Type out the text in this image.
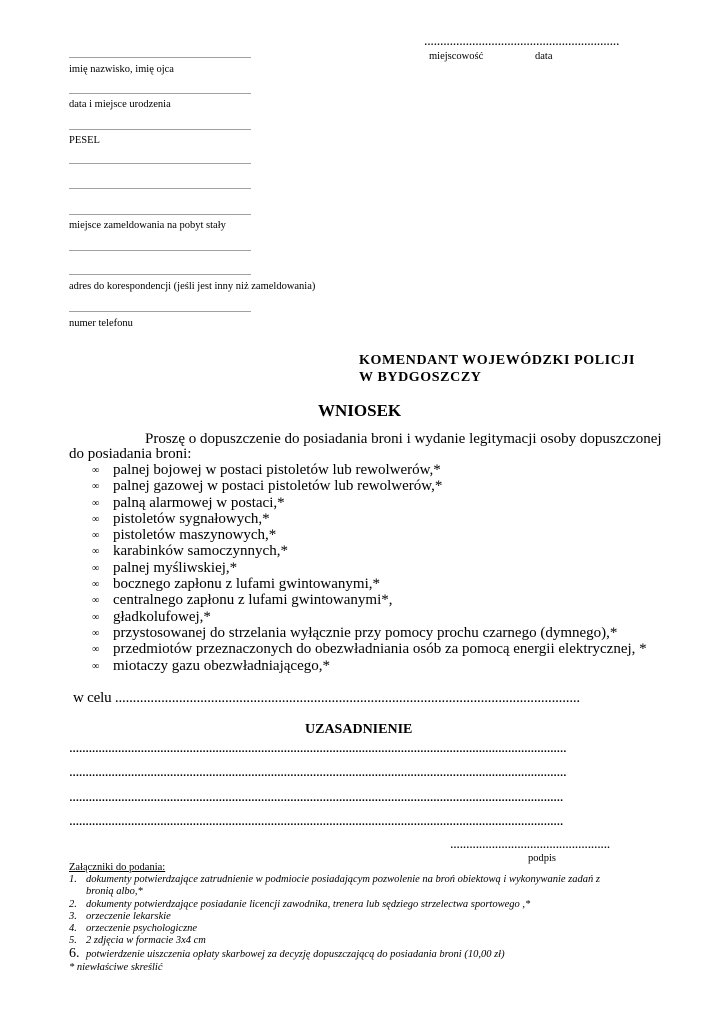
.............................................................
miejscowość	data
...........................................................................................
imię nazwisko, imię ojca
...........................................................................................
data i miejsce urodzenia
...........................................................................................
PESEL
...........................................................................................
...........................................................................................
...........................................................................................
miejsce zameldowania na pobyt stały
...........................................................................................
...........................................................................................
adres do korespondencji (jeśli jest inny niż zameldowania)
...........................................................................................
numer telefonu
KOMENDANT WOJEWÓDZKI POLICJI
W BYDGOSZCZY
WNIOSEK
Proszę o dopuszczenie do posiadania broni i wydanie legitymacji osoby dopuszczonej
do posiadania broni:
∞ palnej bojowej w postaci pistoletów lub rewolwerów,*
∞ palnej gazowej w postaci pistoletów lub rewolwerów,*
∞ palną alarmowej w postaci,*
∞ pistoletów sygnałowych,*
∞ pistoletów maszynowych,*
∞ karabinków samoczynnych,*
∞ palnej myśliwskiej,*
∞ bocznego zapłonu z lufami gwintowanymi,*
∞ centralnego zapłonu z lufami gwintowanymi*,
∞ gładkolufowej,*
∞ przystosowanej do strzelania wyłącznie przy pomocy prochu czarnego (dymnego),*
∞ przedmiotów przeznaczonych do obezwładniania osób za pomocą energii elektrycznej, *
∞ miotaczy gazu obezwładniającego,*
w celu ...................................................................................................................................
UZASADNIENIE
.........................................................................................................................................................
.........................................................................................................................................................
........................................................................................................................................................
........................................................................................................................................................
..................................................
podpis
Załączniki do podania:
1. dokumenty potwierdzające zatrudnienie w podmiocie posiadającym pozwolenie na broń obiektową i wykonywanie zadań z
bronią albo,*
2. dokumenty potwierdzające posiadanie licencji zawodnika, trenera lub sędziego strzelectwa sportowego ,*
3. orzeczenie lekarskie
4. orzeczenie psychologiczne
5. 2 zdjęcia w formacie 3x4 cm
6. potwierdzenie uiszczenia opłaty skarbowej za decyzję dopuszczającą do posiadania broni (10,00 zł)
* niewłaściwe skreślić
